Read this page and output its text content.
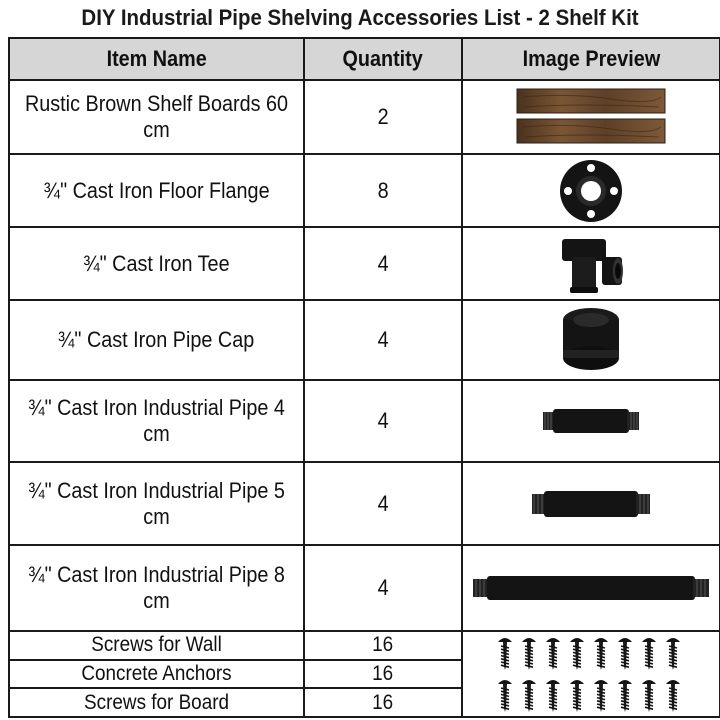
DIY Industrial Pipe Shelving Accessories List - 2 Shelf Kit
Item Name	Quantity	Image Preview
Rustic Brown Shelf Boards 60 cm	2	

¾" Cast Iron Floor Flange	8	

¾" Cast Iron Tee	4	

¾" Cast Iron Pipe Cap	4	

¾" Cast Iron Industrial Pipe 4 cm	4	

¾" Cast Iron Industrial Pipe 5 cm	4	

¾" Cast Iron Industrial Pipe 8 cm	4	

Screws for Wall	16	

Concrete Anchors	16	
Screws for Board	16	
